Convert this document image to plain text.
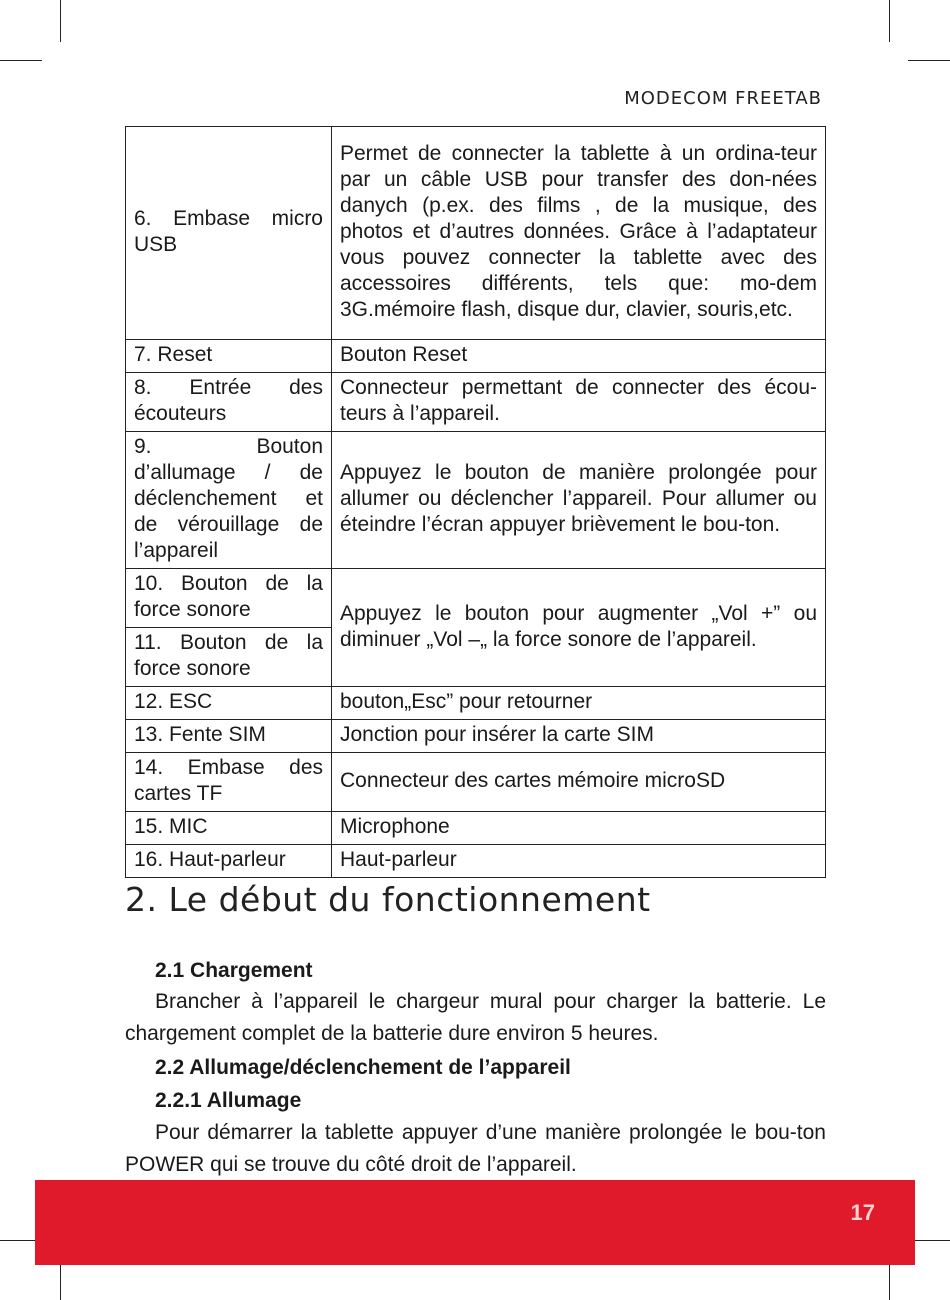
MODECOM FREETAB
6. Embase micro USB	Permet de connecter la tablette à un ordina-teur par un câble USB pour transfer des don-nées danych (p.ex. des films , de la musique, des photos et d’autres données. Grâce à l’adaptateur vous pouvez connecter la tablette avec des accessoires différents, tels que: mo-dem 3G.mémoire flash, disque dur, clavier, souris,etc.
7. Reset	Bouton Reset
8. Entrée des écouteurs	Connecteur permettant de connecter des écou-teurs à l’appareil.
9. Bouton d’allumage / de déclenchement et de vérouillage de l’appareil	Appuyez le bouton de manière prolongée pour allumer ou déclencher l’appareil. Pour allumer ou éteindre l’écran appuyer brièvement le bou-ton.
10. Bouton de la force sonore	Appuyez le bouton pour augmenter „Vol +” ou diminuer „Vol –„ la force sonore de l’appareil.
11. Bouton de la force sonore	
12. ESC	bouton„Esc” pour retourner
13. Fente SIM	Jonction pour insérer la carte SIM
14. Embase des cartes TF	Connecteur des cartes mémoire microSD
15. MIC	Microphone
16. Haut-parleur	Haut-parleur
2. Le début du fonctionnement
2.1 Chargement
Brancher à l’appareil le chargeur mural pour charger la batterie. Le chargement complet de la batterie dure environ 5 heures.
2.2 Allumage/déclenchement de l’appareil
2.2.1 Allumage
Pour démarrer la tablette appuyer d’une manière prolongée le bou-ton POWER qui se trouve du côté droit de l’appareil.
17
